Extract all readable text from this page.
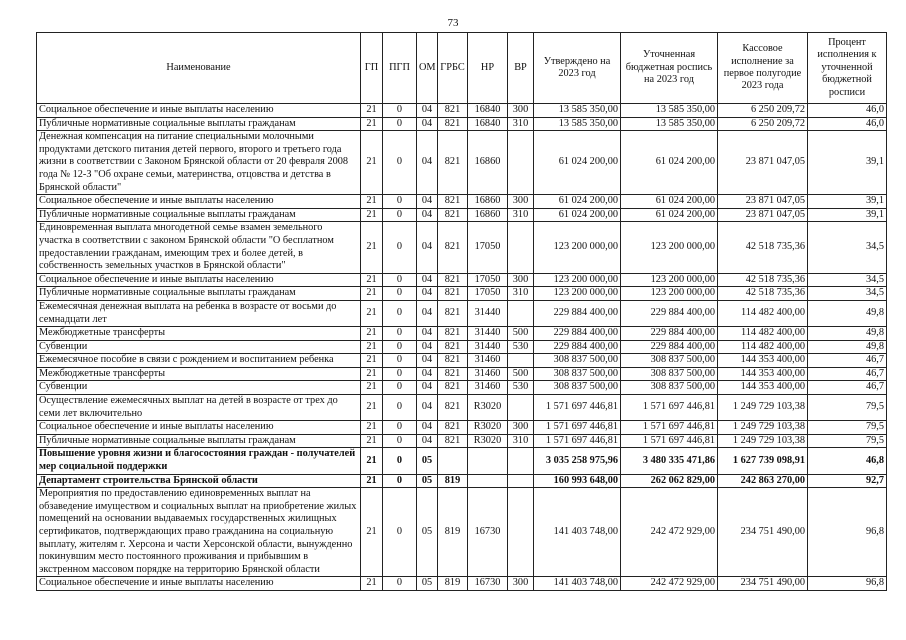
73
Наименование	ГП	ПГП	ОМ	ГРБС	НР	ВР	Утверждено на 2023 год	Уточненная бюджетная роспись на 2023 год	Кассовое исполнение за первое полугодие 2023 года	Процент исполнения к уточненной бюджетной росписи
Социальное обеспечение и иные выплаты населению	21	0	04	821	16840	300	13 585 350,00	13 585 350,00	6 250 209,72	46,0
Публичные нормативные социальные выплаты гражданам	21	0	04	821	16840	310	13 585 350,00	13 585 350,00	6 250 209,72	46,0
Денежная компенсация на питание специальными молочными продуктами детского питания детей первого, второго и третьего года жизни в соответствии с Законом Брянской области от 20 февраля 2008 года № 12-З "Об охране семьи, материнства, отцовства и детства в Брянской области"	21	0	04	821	16860		61 024 200,00	61 024 200,00	23 871 047,05	39,1
Социальное обеспечение и иные выплаты населению	21	0	04	821	16860	300	61 024 200,00	61 024 200,00	23 871 047,05	39,1
Публичные нормативные социальные выплаты гражданам	21	0	04	821	16860	310	61 024 200,00	61 024 200,00	23 871 047,05	39,1
Единовременная выплата многодетной семье взамен земельного участка в соответствии с законом Брянской области "О бесплатном предоставлении гражданам, имеющим трех и более детей, в собственность земельных участков в Брянской области"	21	0	04	821	17050		123 200 000,00	123 200 000,00	42 518 735,36	34,5
Социальное обеспечение и иные выплаты населению	21	0	04	821	17050	300	123 200 000,00	123 200 000,00	42 518 735,36	34,5
Публичные нормативные социальные выплаты гражданам	21	0	04	821	17050	310	123 200 000,00	123 200 000,00	42 518 735,36	34,5
Ежемесячная денежная выплата на ребенка в возрасте от восьми до семнадцати лет	21	0	04	821	31440		229 884 400,00	229 884 400,00	114 482 400,00	49,8
Межбюджетные трансферты	21	0	04	821	31440	500	229 884 400,00	229 884 400,00	114 482 400,00	49,8
Субвенции	21	0	04	821	31440	530	229 884 400,00	229 884 400,00	114 482 400,00	49,8
Ежемесячное пособие в связи с рождением и воспитанием ребенка	21	0	04	821	31460		308 837 500,00	308 837 500,00	144 353 400,00	46,7
Межбюджетные трансферты	21	0	04	821	31460	500	308 837 500,00	308 837 500,00	144 353 400,00	46,7
Субвенции	21	0	04	821	31460	530	308 837 500,00	308 837 500,00	144 353 400,00	46,7
Осуществление ежемесячных выплат на детей в возрасте от трех до семи лет включительно	21	0	04	821	R3020		1 571 697 446,81	1 571 697 446,81	1 249 729 103,38	79,5
Социальное обеспечение и иные выплаты населению	21	0	04	821	R3020	300	1 571 697 446,81	1 571 697 446,81	1 249 729 103,38	79,5
Публичные нормативные социальные выплаты гражданам	21	0	04	821	R3020	310	1 571 697 446,81	1 571 697 446,81	1 249 729 103,38	79,5
Повышение уровня жизни и благосостояния граждан - получателей мер социальной поддержки	21	0	05				3 035 258 975,96	3 480 335 471,86	1 627 739 098,91	46,8
Департамент строительства Брянской области	21	0	05	819			160 993 648,00	262 062 829,00	242 863 270,00	92,7
Мероприятия по предоставлению единовременных выплат на обзаведение имуществом и социальных выплат на приобретение жилых помещений на основании выдаваемых государственных жилищных сертификатов, подтверждающих право гражданина на социальную выплату, жителям г. Херсона и части Херсонской области, вынужденно покинувшим место постоянного проживания и прибывшим в экстренном массовом порядке на территорию Брянской области	21	0	05	819	16730		141 403 748,00	242 472 929,00	234 751 490,00	96,8
Социальное обеспечение и иные выплаты населению	21	0	05	819	16730	300	141 403 748,00	242 472 929,00	234 751 490,00	96,8
